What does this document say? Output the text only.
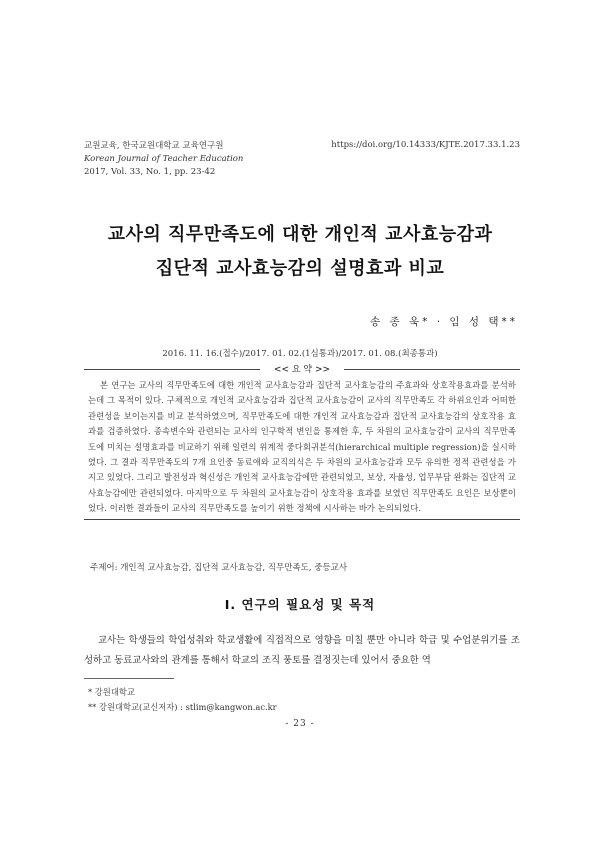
교원교육, 한국교원대학교 교육연구원
Korean Journal of Teacher Education
2017, Vol. 33, No. 1, pp. 23-42
https://doi.org/10.14333/KJTE.2017.33.1.23
교사의 직무만족도에 대한 개인적 교사효능감과
집단적 교사효능감의 설명효과 비교
송 종 욱* · 임 성 택**
2016. 11. 16.(접수)/2017. 01. 02.(1심통과)/2017. 01. 08.(최종통과)
<< 요 약 >>
본 연구는 교사의 직무만족도에 대한 개인적 교사효능감과 집단적 교사효능감의 주효과와 상호작용효과를 분석하는데 그 목적이 있다. 구체적으로 개인적 교사효능감과 집단적 교사효능감이 교사의 직무만족도 각 하위요인과 어떠한 관련성을 보이는지를 비교 분석하였으며, 직무만족도에 대한 개인적 교사효능감과 집단적 교사효능감의 상호작용 효과를 검증하였다. 종속변수와 관련되는 교사의 인구학적 변인을 통제한 후, 두 차원의 교사효능감이 교사의 직무만족도에 미치는 설명효과를 비교하기 위해 일련의 위계적 중다회귀분석(hierarchical multiple regression)을 실시하였다. 그 결과 직무만족도의 7개 요인중 동료애와 교직의식은 두 차원의 교사효능감과 모두 유의한 정적 관련성을 가지고 있었다. 그리고 발전성과 혁신성은 개인적 교사효능감에만 관련되었고, 보상, 자율성, 업무부담 완화는 집단적 교사효능감에만 관련되었다. 마지막으로 두 차원의 교사효능감이 상호작용 효과를 보였던 직무만족도 요인은 보상뿐이었다. 이러한 결과들이 교사의 직무만족도를 높이기 위한 정책에 시사하는 바가 논의되었다.
주제어: 개인적 교사효능감, 집단적 교사효능감, 직무만족도, 중등교사
Ⅰ. 연구의 필요성 및 목적
교사는 학생들의 학업성취와 학교생활에 직접적으로 영향을 미칠 뿐만 아니라 학급 및 수업분위기를 조성하고 동료교사와의 관계를 통해서 학교의 조직 풍토를 결정짓는데 있어서 중요한 역
* 강원대학교
** 강원대학교(교신저자) : stlim@kangwon.ac.kr
- 23 -
